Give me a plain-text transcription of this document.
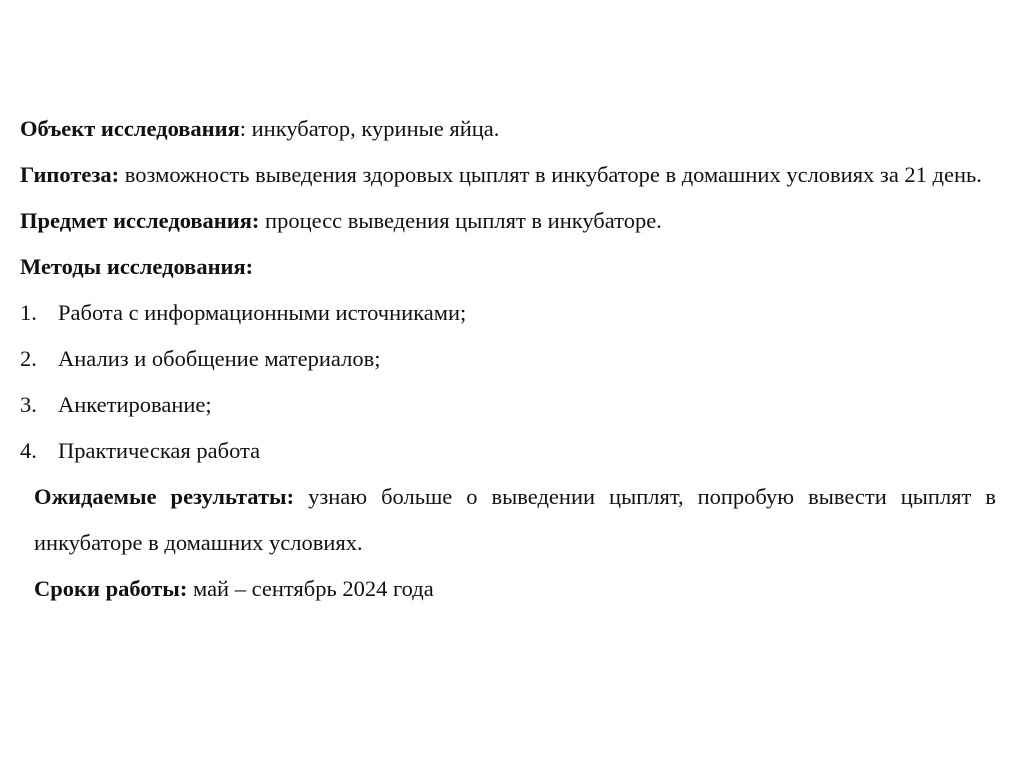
Объект исследования: инкубатор, куриные яйца.

Гипотеза: возможность выведения здоровых цыплят в инкубаторе в домашних условиях за 21 день.

Предмет исследования: процесс выведения цыплят в инкубаторе.

Методы исследования:

1. Работа с информационными источниками;
2. Анализ и обобщение материалов;
3. Анкетирование;
4. Практическая работа

Ожидаемые результаты: узнаю больше о выведении цыплят, попробую вывести цыплят в инкубаторе в домашних условиях.

Сроки работы: май – сентябрь 2024 года
